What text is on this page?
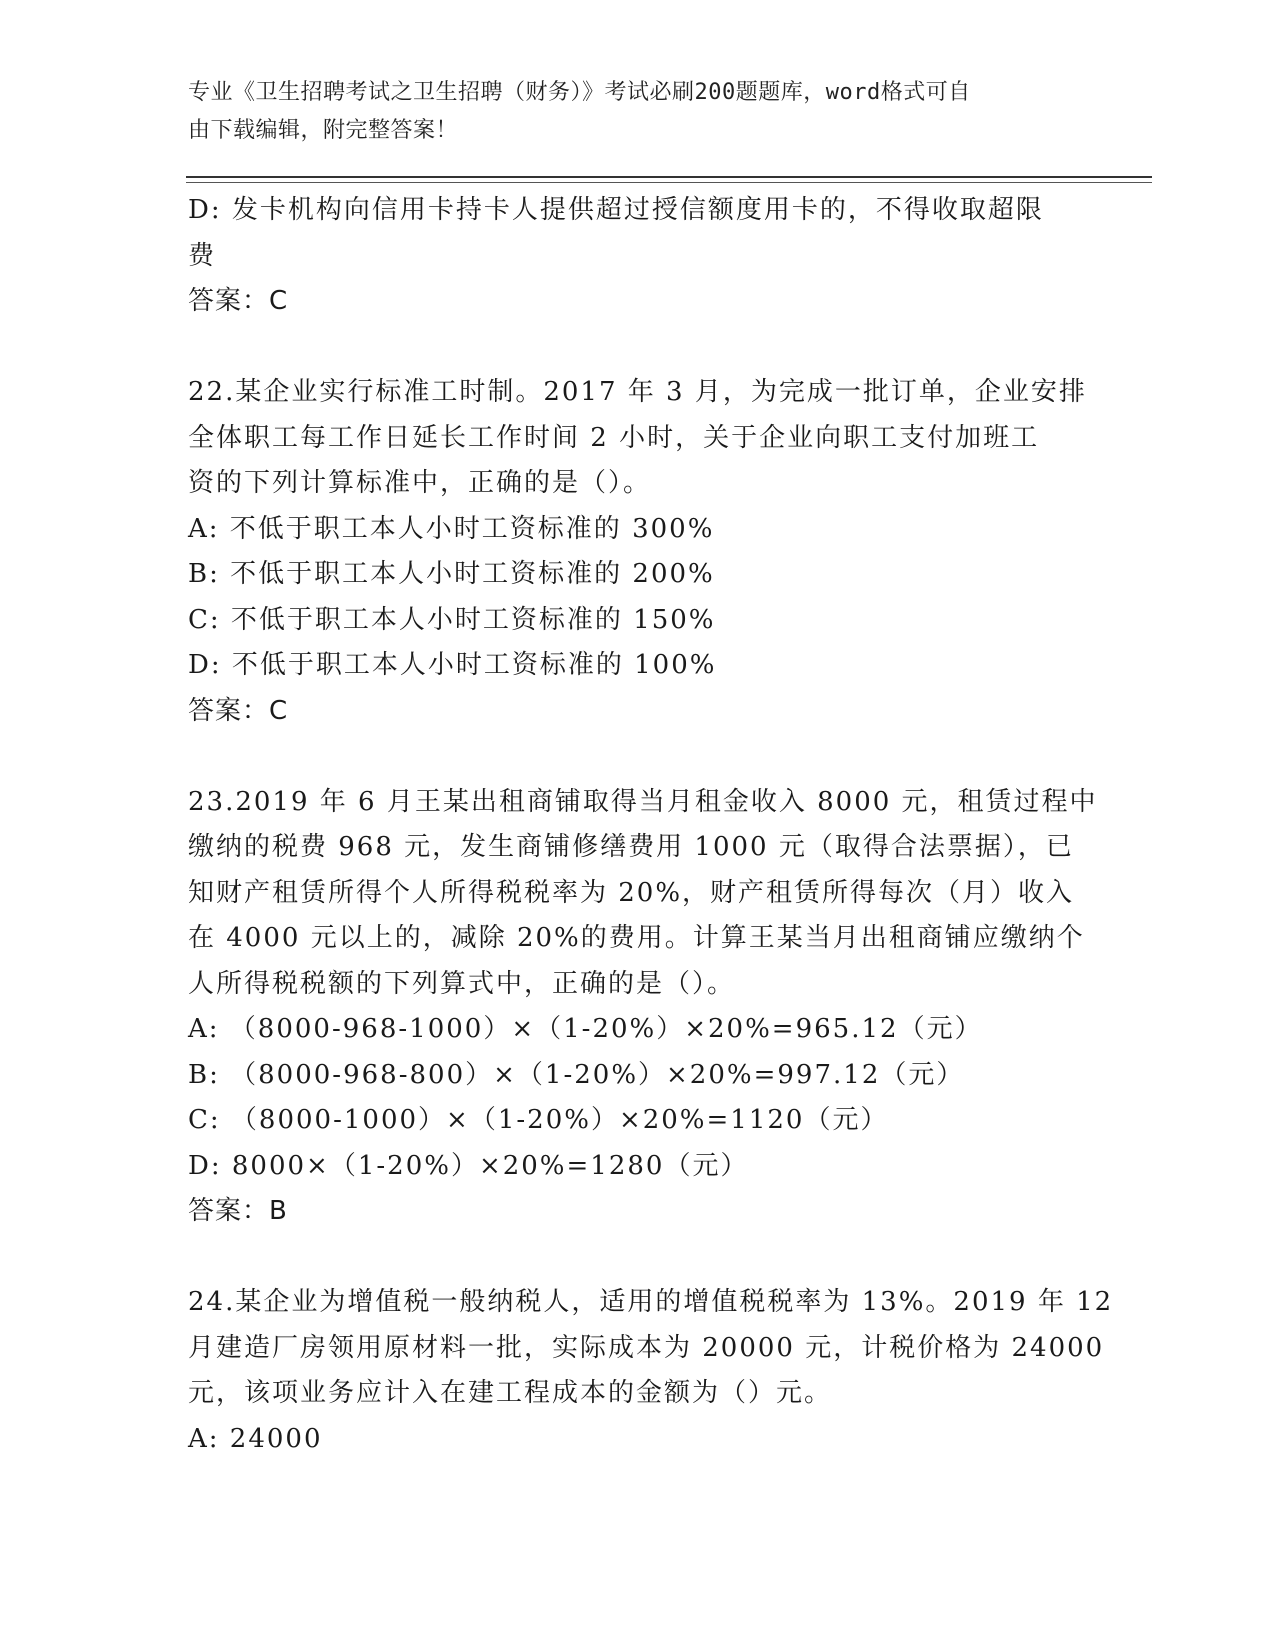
专业《卫生招聘考试之卫生招聘（财务）》考试必刷200题题库，word格式可自
由下载编辑，附完整答案！
D: 发卡机构向信用卡持卡人提供超过授信额度用卡的，不得收取超限
费
答案：C
22.某企业实行标准工时制。2017 年 3 月，为完成一批订单，企业安排
全体职工每工作日延长工作时间 2 小时，关于企业向职工支付加班工
资的下列计算标准中，正确的是（）。
A: 不低于职工本人小时工资标准的 300%
B: 不低于职工本人小时工资标准的 200%
C: 不低于职工本人小时工资标准的 150%
D: 不低于职工本人小时工资标准的 100%
答案：C
23.2019 年 6 月王某出租商铺取得当月租金收入 8000 元，租赁过程中
缴纳的税费 968 元，发生商铺修缮费用 1000 元（取得合法票据），已
知财产租赁所得个人所得税税率为 20%，财产租赁所得每次（月）收入
在 4000 元以上的，减除 20%的费用。计算王某当月出租商铺应缴纳个
人所得税税额的下列算式中，正确的是（）。
A: （8000-968-1000）×（1-20%）×20%=965.12（元）
B: （8000-968-800）×（1-20%）×20%=997.12（元）
C: （8000-1000）×（1-20%）×20%=1120（元）
D: 8000×（1-20%）×20%=1280（元）
答案：B
24.某企业为增值税一般纳税人，适用的增值税税率为 13%。2019 年 12
月建造厂房领用原材料一批，实际成本为 20000 元，计税价格为 24000
元，该项业务应计入在建工程成本的金额为（）元。
A: 24000
